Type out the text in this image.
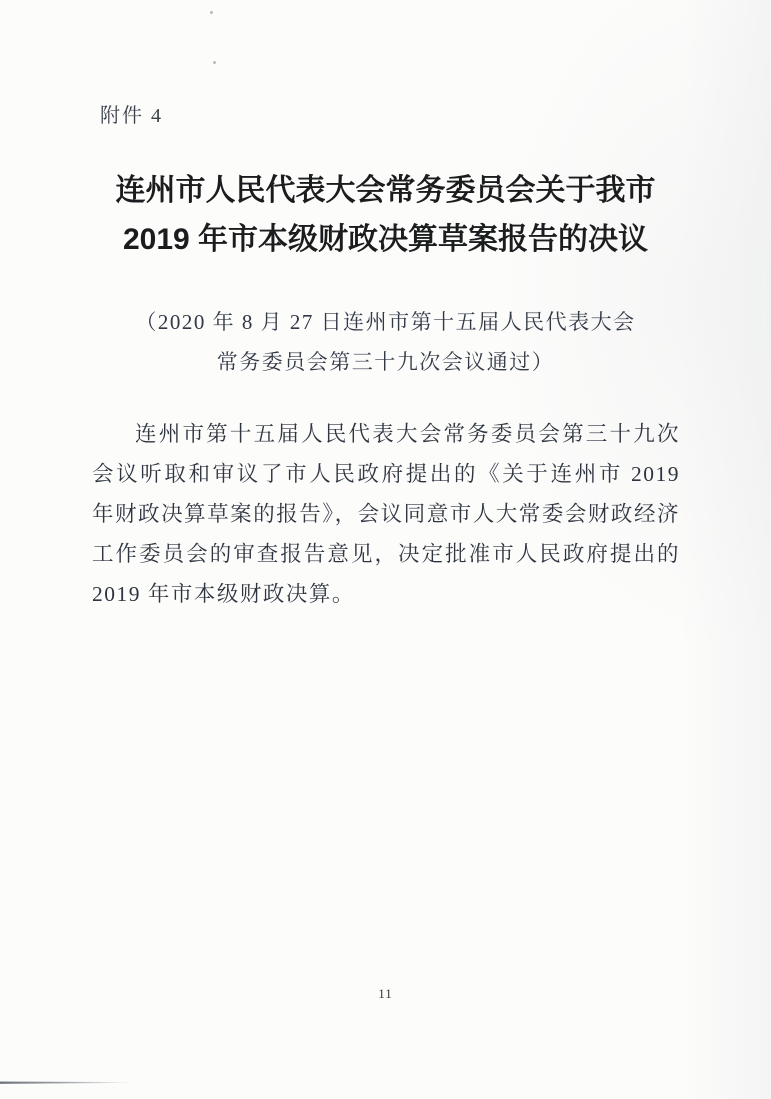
附件 4
连州市人民代表大会常务委员会关于我市
2019 年市本级财政决算草案报告的决议
（2020 年 8 月 27 日连州市第十五届人民代表大会
常务委员会第三十九次会议通过）

连州市第十五届人民代表大会常务委员会第三十九次会议听取和审议了市人民政府提出的《关于连州市 2019 年财政决算草案的报告》，会议同意市人大常委会财政经济工作委员会的审查报告意见，决定批准市人民政府提出的 2019 年市本级财政决算。

11
